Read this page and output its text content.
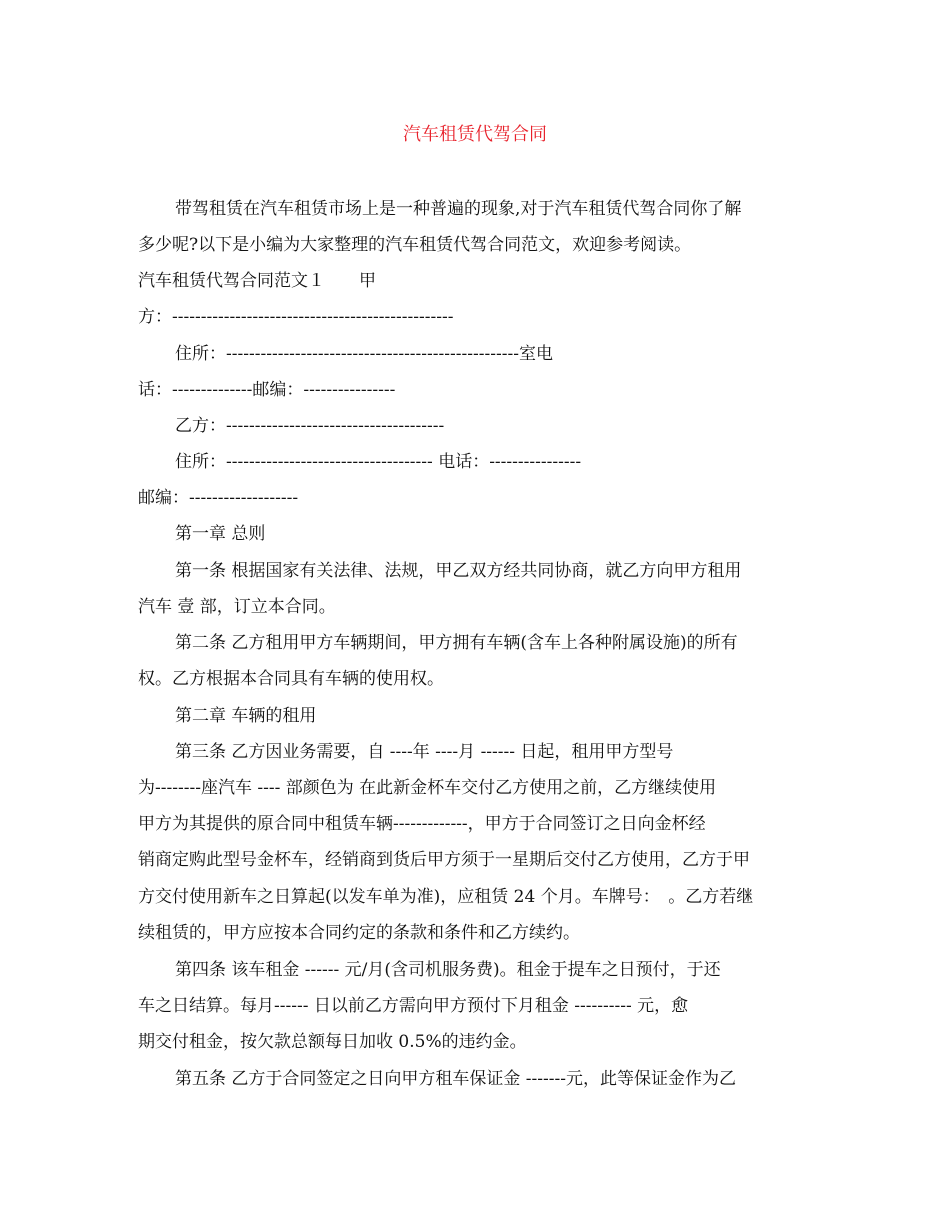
汽车租赁代驾合同
带驾租赁在汽车租赁市场上是一种普遍的现象,对于汽车租赁代驾合同你了解
多少呢?以下是小编为大家整理的汽车租赁代驾合同范文，欢迎参考阅读。
汽车租赁代驾合同范文１　　甲
方：-------------------------------------------------
住所：---------------------------------------------------室电
话：--------------邮编：----------------
乙方：--------------------------------------
住所：------------------------------------ 电话：----------------
邮编：-------------------
第一章 总则
第一条 根据国家有关法律、法规，甲乙双方经共同协商，就乙方向甲方租用
汽车 壹 部，订立本合同。
第二条 乙方租用甲方车辆期间，甲方拥有车辆(含车上各种附属设施)的所有
权。乙方根据本合同具有车辆的使用权。
第二章 车辆的租用
第三条 乙方因业务需要，自 ----年 ----月 ------ 日起，租用甲方型号
为--------座汽车 ---- 部颜色为 在此新金杯车交付乙方使用之前，乙方继续使用
甲方为其提供的原合同中租赁车辆-------------，甲方于合同签订之日向金杯经
销商定购此型号金杯车，经销商到货后甲方须于一星期后交付乙方使用，乙方于甲
方交付使用新车之日算起(以发车单为准)，应租赁 24 个月。车牌号：　。乙方若继
续租赁的，甲方应按本合同约定的条款和条件和乙方续约。
第四条 该车租金 ------ 元/月(含司机服务费)。租金于提车之日预付，于还
车之日结算。每月------ 日以前乙方需向甲方预付下月租金 ---------- 元，愈
期交付租金，按欠款总额每日加收 0.5%的违约金。
第五条 乙方于合同签定之日向甲方租车保证金 -------元，此等保证金作为乙
